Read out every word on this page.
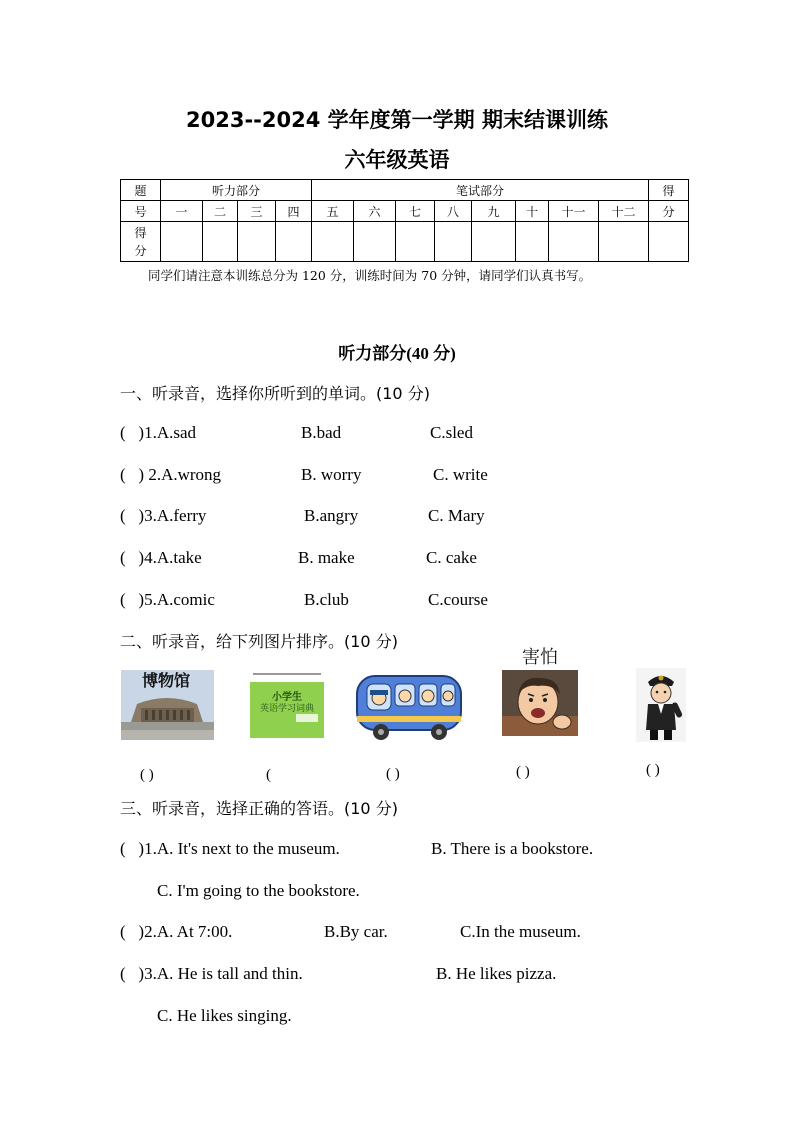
2023--2024 学年度第一学期 期末结课训练
六年级英语
题	听力部分				笔试部分								得
号	一	二	三	四	五	六	七	八	九	十	十一	十二	分
得
分													
同学们请注意本训练总分为 120 分，训练时间为 70 分钟，请同学们认真书写。
听力部分(40 分)
一、听录音，选择你所听到的单词。(10 分)
(   )1.A.sad	B.bad	C.sled
(   ) 2.A.wrong	B. worry	C. write
(   )3.A.ferry	B.angry	C. Mary
(   )4.A.take	B. make	C. cake
(   )5.A.comic	B.club	C.course
二、听录音，给下列图片排序。(10 分)
博物馆
小学生
英语学习词典
害怕
( )	(	( )	( )	( )
三、听录音，选择正确的答语。(10 分)
(   )1.A. It's next to the museum.	B. There is a bookstore.
C. I'm going to the bookstore.
(   )2.A. At 7:00.	B.By car.	C.In the museum.
(   )3.A. He is tall and thin.	B. He likes pizza.
C. He likes singing.
